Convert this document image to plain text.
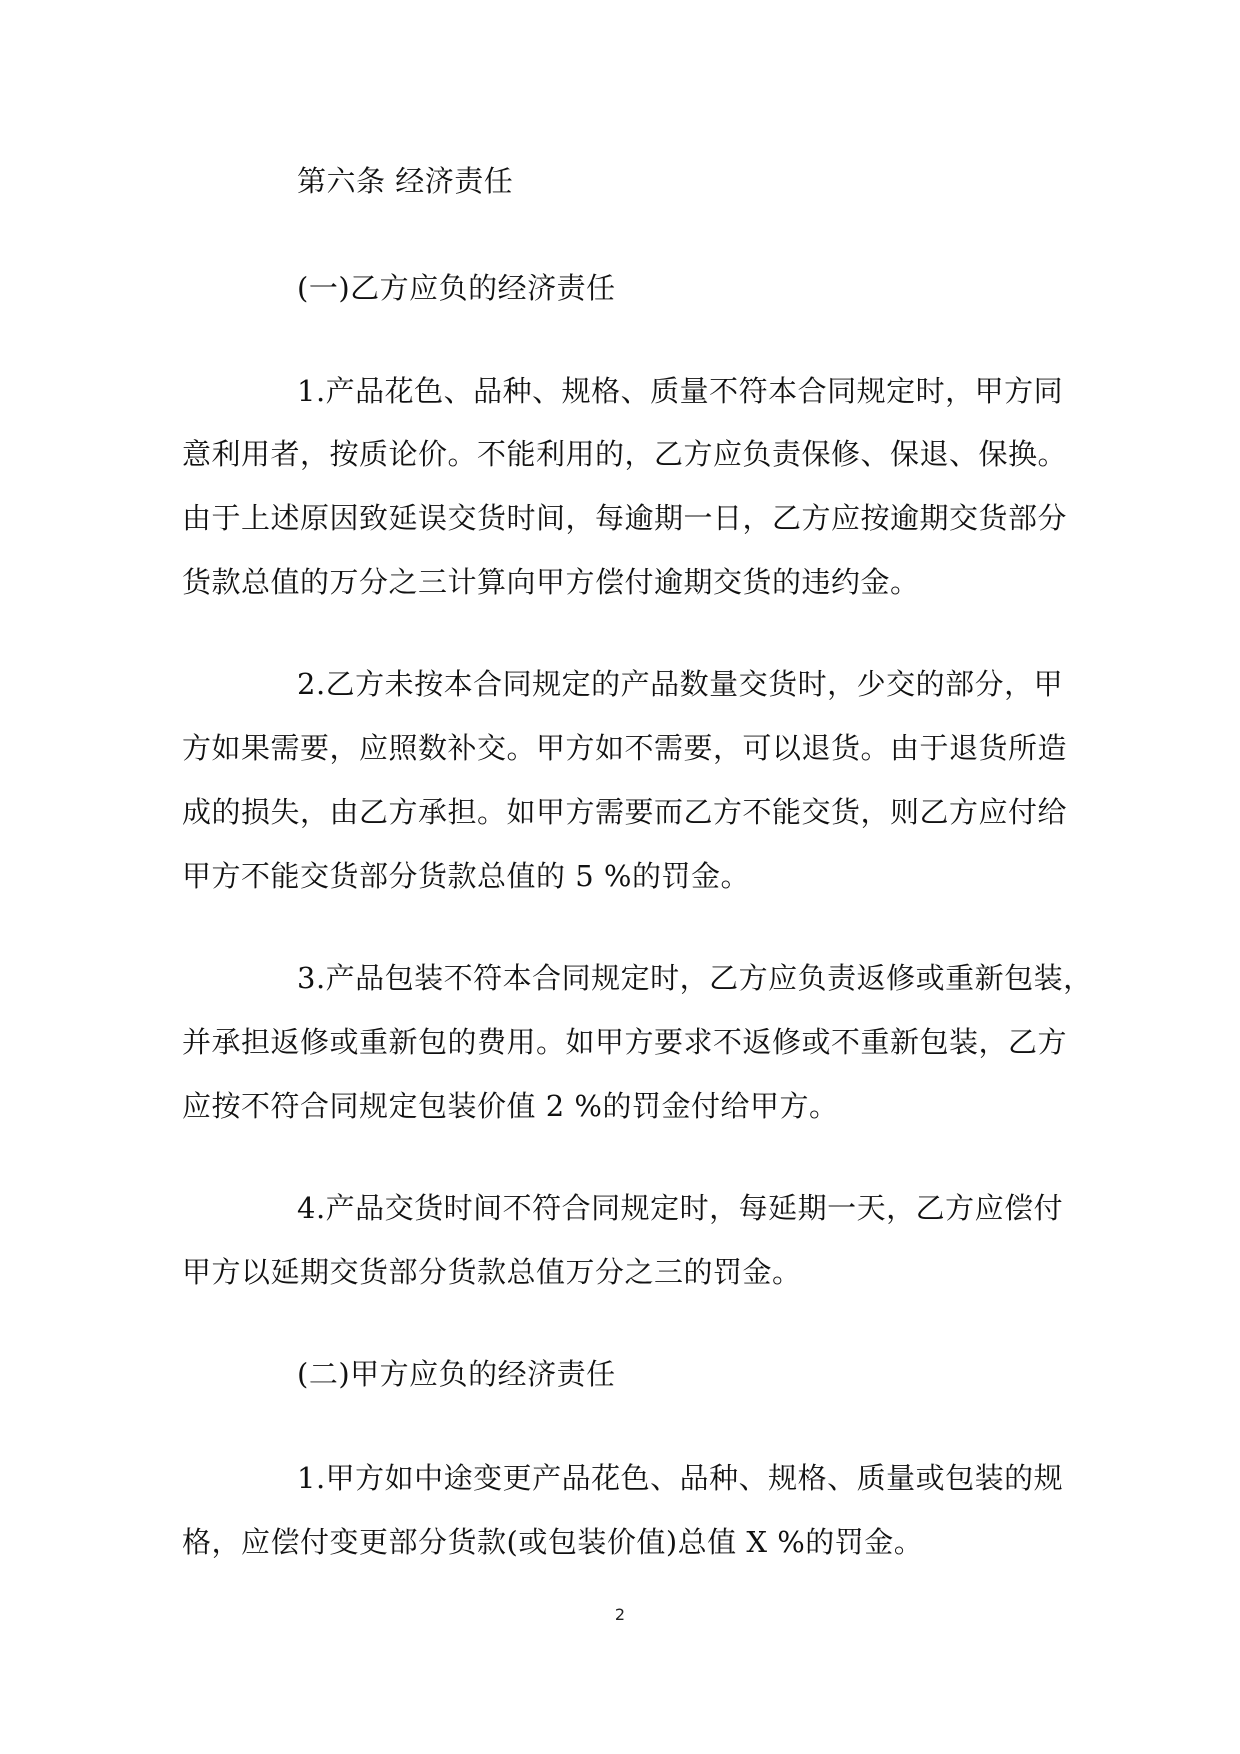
第六条 经济责任
(一)乙方应负的经济责任
1.产品花色、品种、规格、质量不符本合同规定时，甲方同
意利用者，按质论价。不能利用的，乙方应负责保修、保退、保换。
由于上述原因致延误交货时间，每逾期一日，乙方应按逾期交货部分
货款总值的万分之三计算向甲方偿付逾期交货的违约金。
2.乙方未按本合同规定的产品数量交货时，少交的部分，甲
方如果需要，应照数补交。甲方如不需要，可以退货。由于退货所造
成的损失，由乙方承担。如甲方需要而乙方不能交货，则乙方应付给
甲方不能交货部分货款总值的 5 %的罚金。
3.产品包装不符本合同规定时，乙方应负责返修或重新包装，
并承担返修或重新包的费用。如甲方要求不返修或不重新包装，乙方
应按不符合同规定包装价值 2 %的罚金付给甲方。
4.产品交货时间不符合同规定时，每延期一天，乙方应偿付
甲方以延期交货部分货款总值万分之三的罚金。
(二)甲方应负的经济责任
1.甲方如中途变更产品花色、品种、规格、质量或包装的规
格，应偿付变更部分货款(或包装价值)总值 X %的罚金。
2
